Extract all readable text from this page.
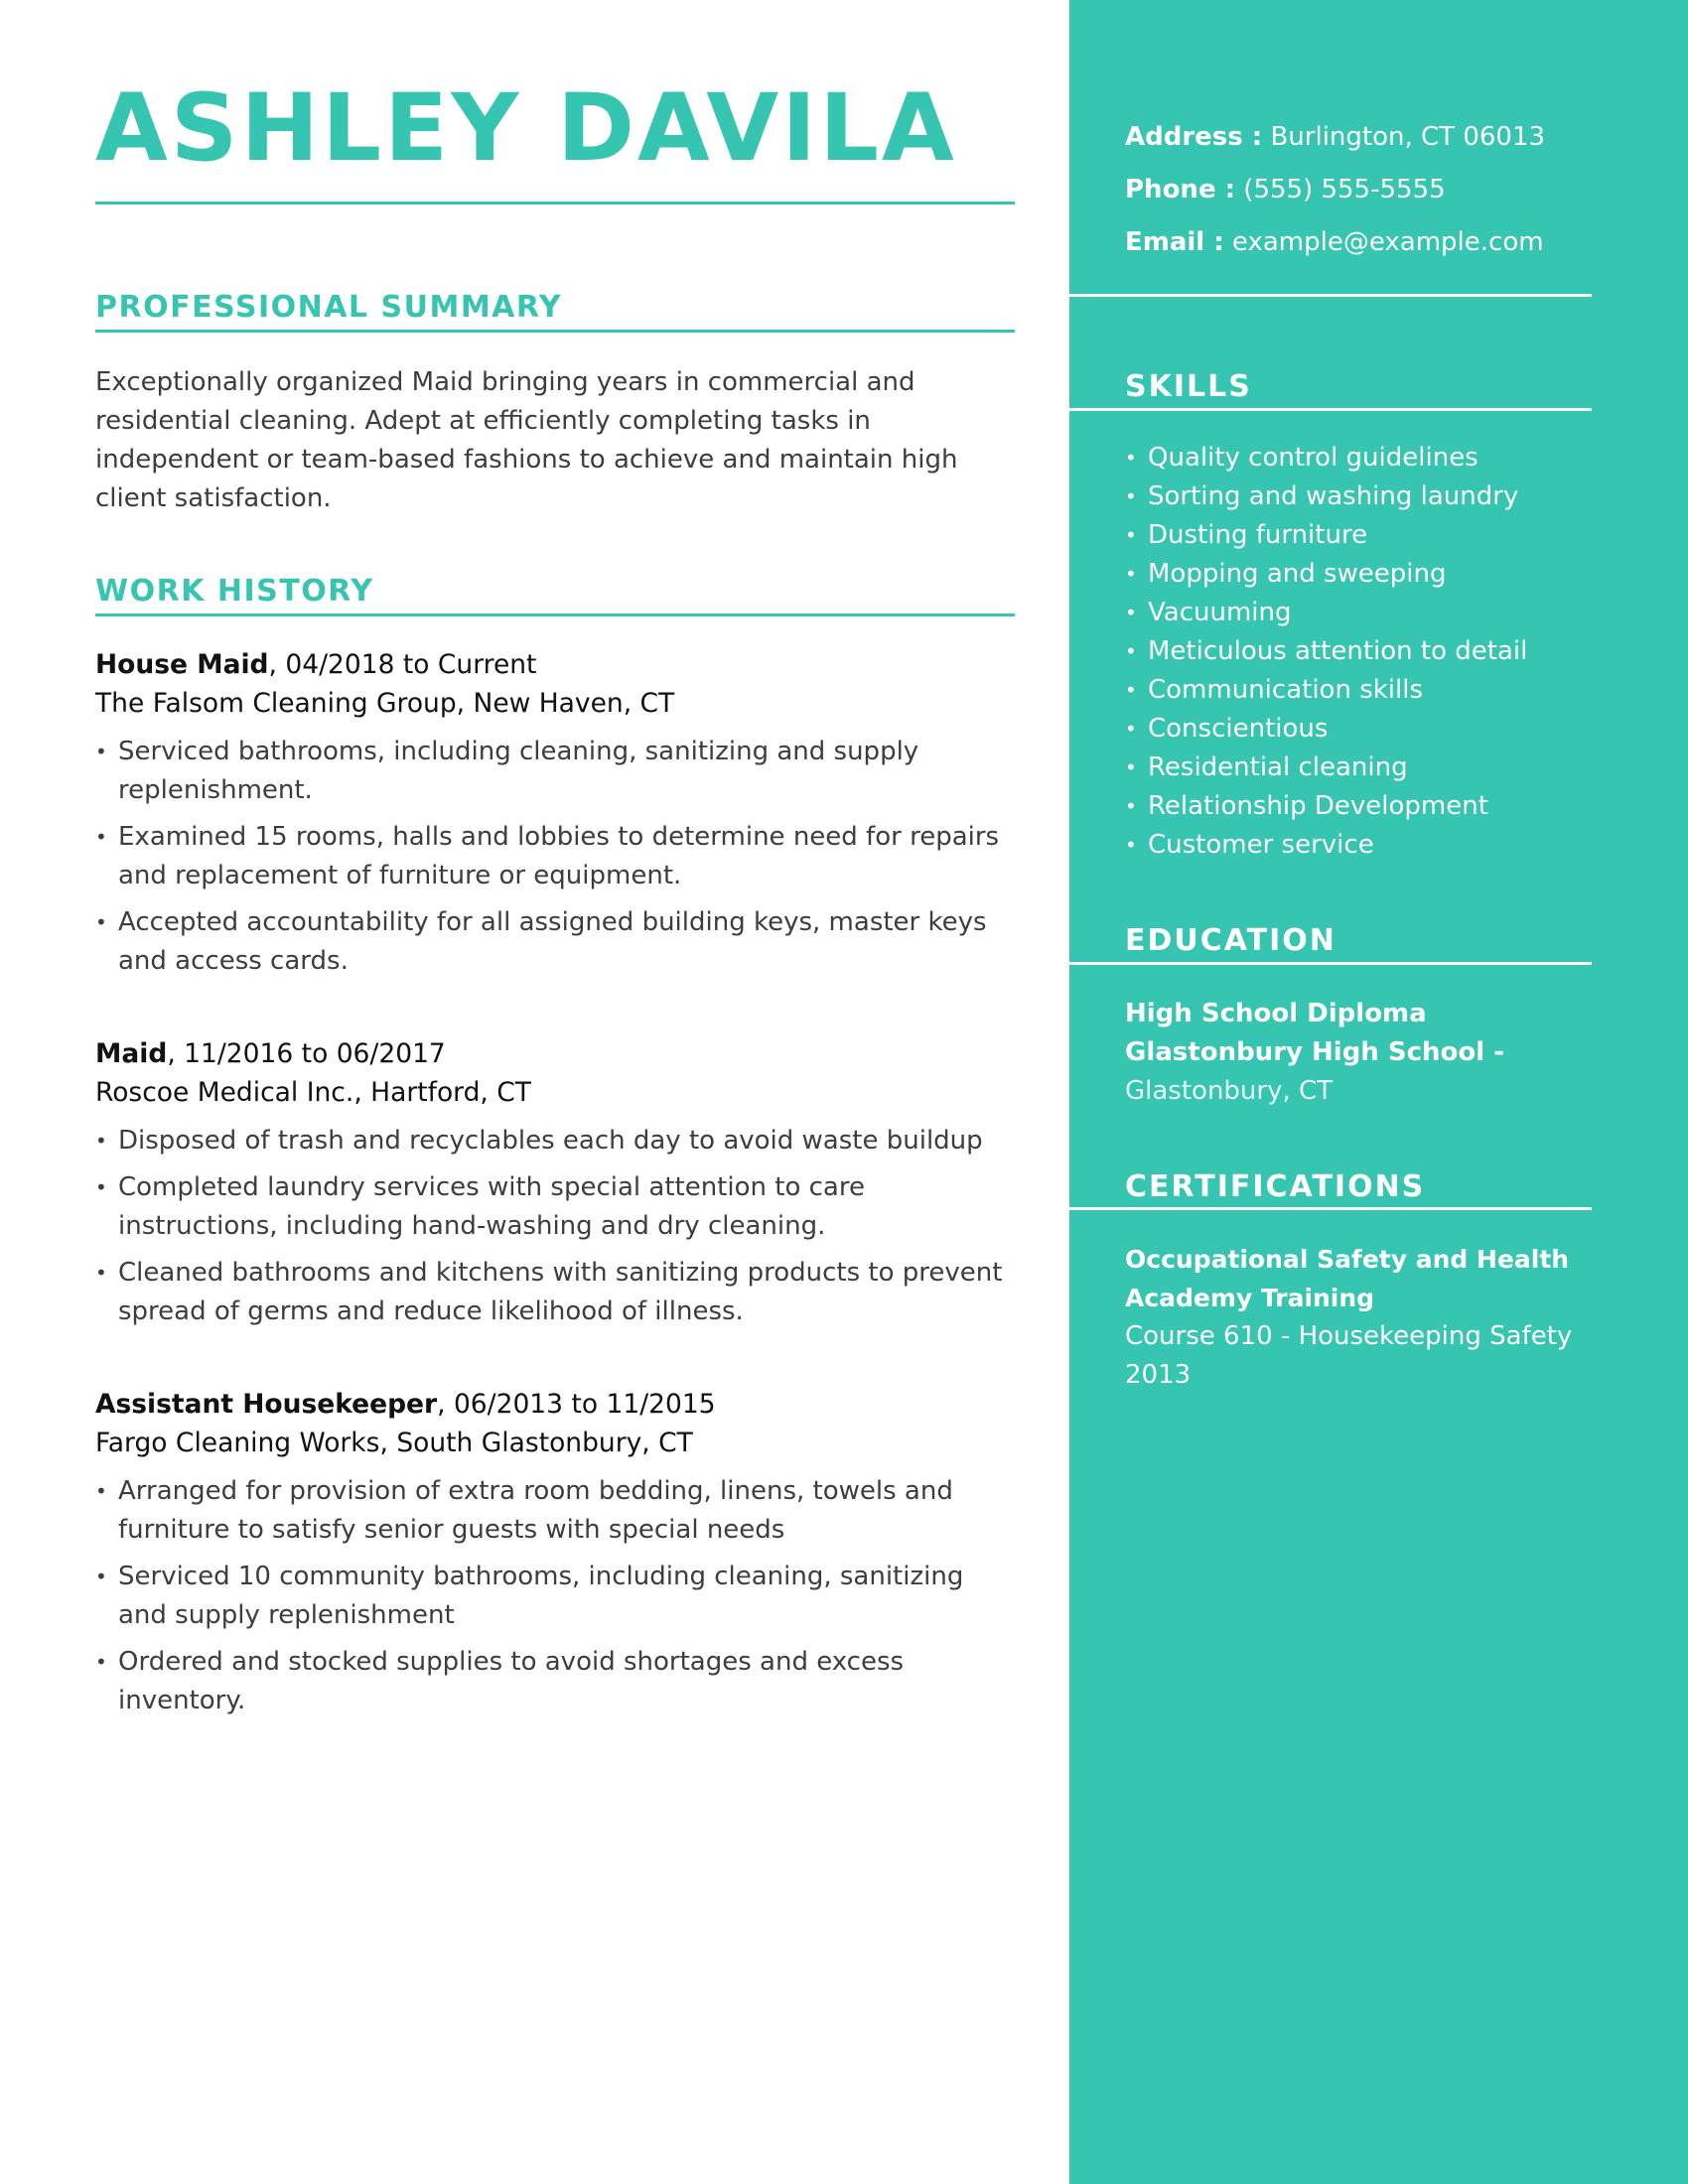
ASHLEY DAVILA
PROFESSIONAL SUMMARY

Exceptionally organized Maid bringing years in commercial and residential cleaning. Adept at efficiently completing tasks in independent or team-based fashions to achieve and maintain high client satisfaction.

WORK HISTORY
House Maid, 04/2018 to Current
The Falsom Cleaning Group, New Haven, CT
• Serviced bathrooms, including cleaning, sanitizing and supply replenishment.
• Examined 15 rooms, halls and lobbies to determine need for repairs and replacement of furniture or equipment.
• Accepted accountability for all assigned building keys, master keys and access cards.
Maid, 11/2016 to 06/2017
Roscoe Medical Inc., Hartford, CT
• Disposed of trash and recyclables each day to avoid waste buildup
• Completed laundry services with special attention to care instructions, including hand-washing and dry cleaning.
• Cleaned bathrooms and kitchens with sanitizing products to prevent spread of germs and reduce likelihood of illness.
Assistant Housekeeper, 06/2013 to 11/2015
Fargo Cleaning Works, South Glastonbury, CT
• Arranged for provision of extra room bedding, linens, towels and furniture to satisfy senior guests with special needs
• Serviced 10 community bathrooms, including cleaning, sanitizing and supply replenishment
• Ordered and stocked supplies to avoid shortages and excess inventory.
Address : Burlington, CT 06013
Phone : (555) 555-5555
Email : example@example.com
SKILLS
• Quality control guidelines
• Sorting and washing laundry
• Dusting furniture
• Mopping and sweeping
• Vacuuming
• Meticulous attention to detail
• Communication skills
• Conscientious
• Residential cleaning
• Relationship Development
• Customer service
EDUCATION
High School Diploma
Glastonbury High School -
Glastonbury, CT
CERTIFICATIONS
Occupational Safety and Health
Academy Training
Course 610 - Housekeeping Safety
2013
